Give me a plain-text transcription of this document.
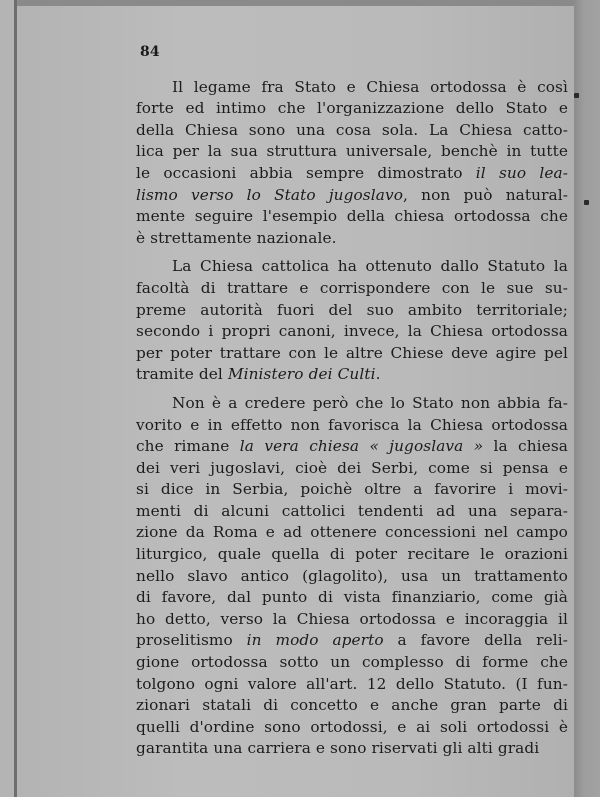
84
Il legame fra Stato e Chiesa ortodossa è così
forte ed intimo che l'organizzazione dello Stato e
della Chiesa sono una cosa sola. La Chiesa catto-
lica per la sua struttura universale, benchè in tutte
le occasioni abbia sempre dimostrato il suo lea-
lismo verso lo Stato jugoslavo, non può natural-
mente seguire l'esempio della chiesa ortodossa che
è strettamente nazionale.
La Chiesa cattolica ha ottenuto dallo Statuto la
facoltà di trattare e corrispondere con le sue su-
preme autorità fuori del suo ambito territoriale;
secondo i propri canoni, invece, la Chiesa ortodossa
per poter trattare con le altre Chiese deve agire pel
tramite del Ministero dei Culti.
Non è a credere però che lo Stato non abbia fa-
vorito e in effetto non favorisca la Chiesa ortodossa
che rimane la vera chiesa « jugoslava » la chiesa
dei veri jugoslavi, cioè dei Serbi, come si pensa e
si dice in Serbia, poichè oltre a favorire i movi-
menti di alcuni cattolici tendenti ad una separa-
zione da Roma e ad ottenere concessioni nel campo
liturgico, quale quella di poter recitare le orazioni
nello slavo antico (glagolito), usa un trattamento
di favore, dal punto di vista finanziario, come già
ho detto, verso la Chiesa ortodossa e incoraggia il
proselitismo in modo aperto a favore della reli-
gione ortodossa sotto un complesso di forme che
tolgono ogni valore all'art. 12 dello Statuto. (I fun-
zionari statali di concetto e anche gran parte di
quelli d'ordine sono ortodossi, e ai soli ortodossi è
garantita una carriera e sono riservati gli alti gradi
